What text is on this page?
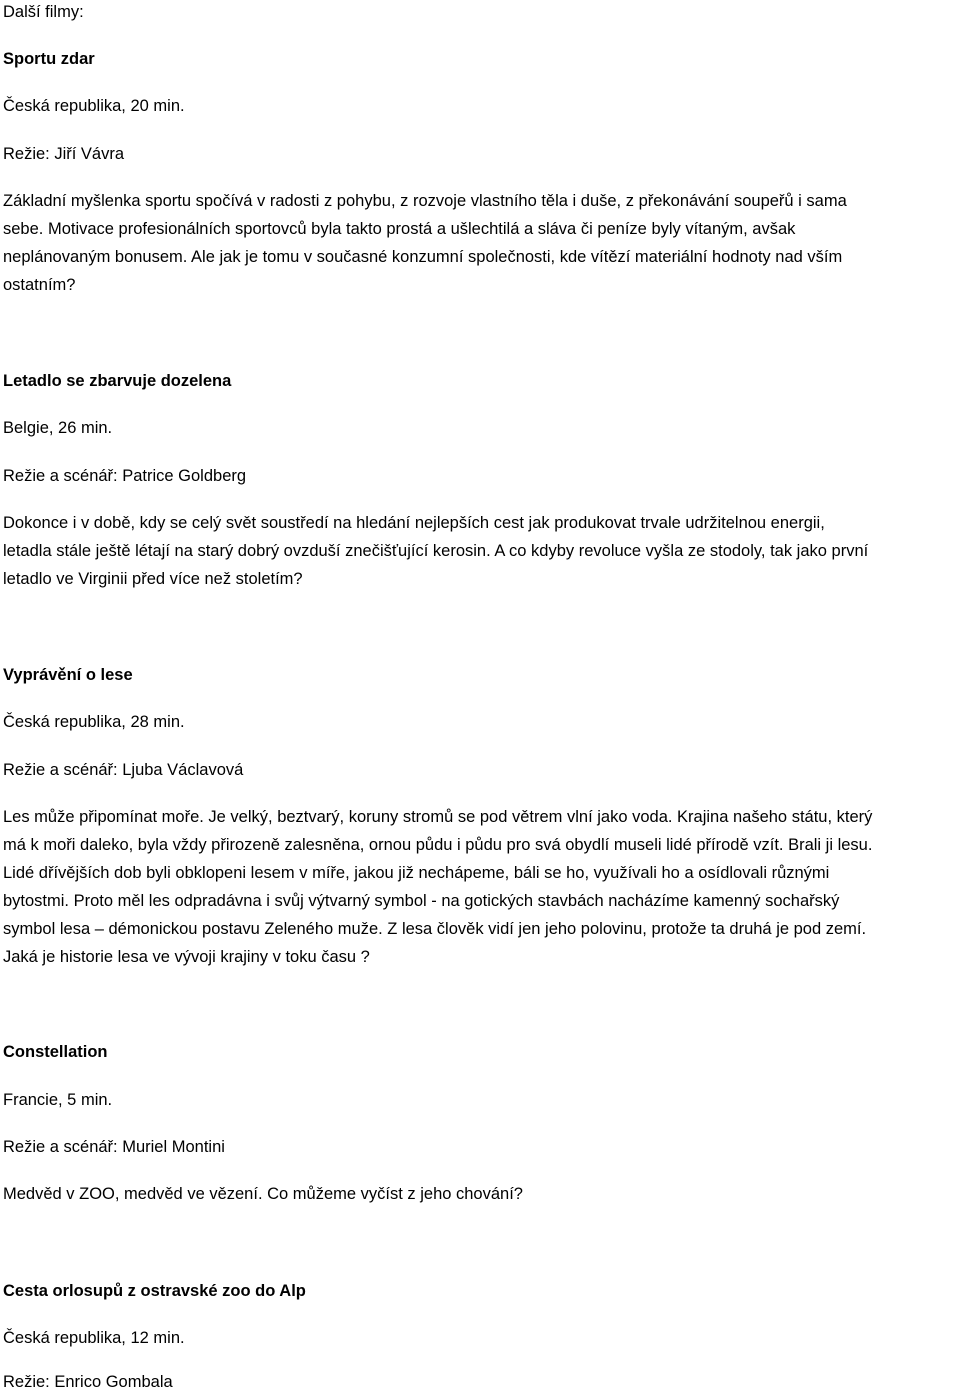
Další filmy:
Sportu zdar
Česká republika, 20 min.
Režie: Jiří Vávra
Základní myšlenka sportu spočívá v radosti z pohybu, z rozvoje vlastního těla i duše, z překonávání soupeřů i sama
sebe. Motivace profesionálních sportovců byla takto prostá a ušlechtilá a sláva či peníze byly vítaným, avšak
neplánovaným bonusem. Ale jak je tomu v současné konzumní společnosti, kde vítězí materiální hodnoty nad vším
ostatním?
Letadlo se zbarvuje dozelena
Belgie, 26 min.
Režie a scénář: Patrice Goldberg
Dokonce i v době, kdy se celý svět soustředí na hledání nejlepších cest jak produkovat trvale udržitelnou energii,
letadla stále ještě létají na starý dobrý ovzduší znečišťující kerosin. A co kdyby revoluce vyšla ze stodoly, tak jako první
letadlo ve Virginii před více než stoletím?
Vyprávění o lese
Česká republika, 28 min.
Režie a scénář: Ljuba Václavová
Les může připomínat moře. Je velký, beztvarý, koruny stromů se pod větrem vlní jako voda. Krajina našeho státu, který
má k moři daleko, byla vždy přirozeně zalesněna, ornou půdu i půdu pro svá obydlí museli lidé přírodě vzít. Brali ji lesu.
Lidé dřívějších dob byli obklopeni lesem v míře, jakou již nechápeme, báli se ho, využívali ho a osídlovali různými
bytostmi. Proto měl les odpradávna i svůj výtvarný symbol - na gotických stavbách nacházíme kamenný sochařský
symbol lesa – démonickou postavu Zeleného muže. Z lesa člověk vidí jen jeho polovinu, protože ta druhá je pod zemí.
Jaká je historie lesa ve vývoji krajiny v toku času ?
Constellation
Francie, 5 min.
Režie a scénář: Muriel Montini
Medvěd v ZOO, medvěd ve vězení. Co můžeme vyčíst z jeho chování?
Cesta orlosupů z ostravské zoo do Alp
Česká republika, 12 min.
Režie: Enrico Gombala
